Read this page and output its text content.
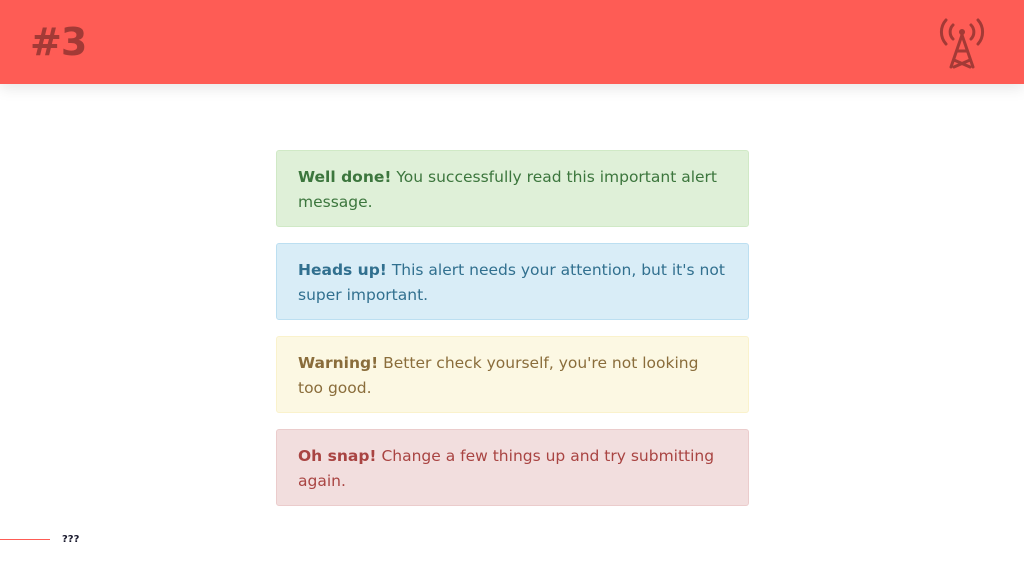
#3
Well done! You successfully read this important alert message.
Heads up! This alert needs your attention, but it's not super important.
Warning! Better check yourself, you're not looking too good.
Oh snap! Change a few things up and try submitting again.
???
